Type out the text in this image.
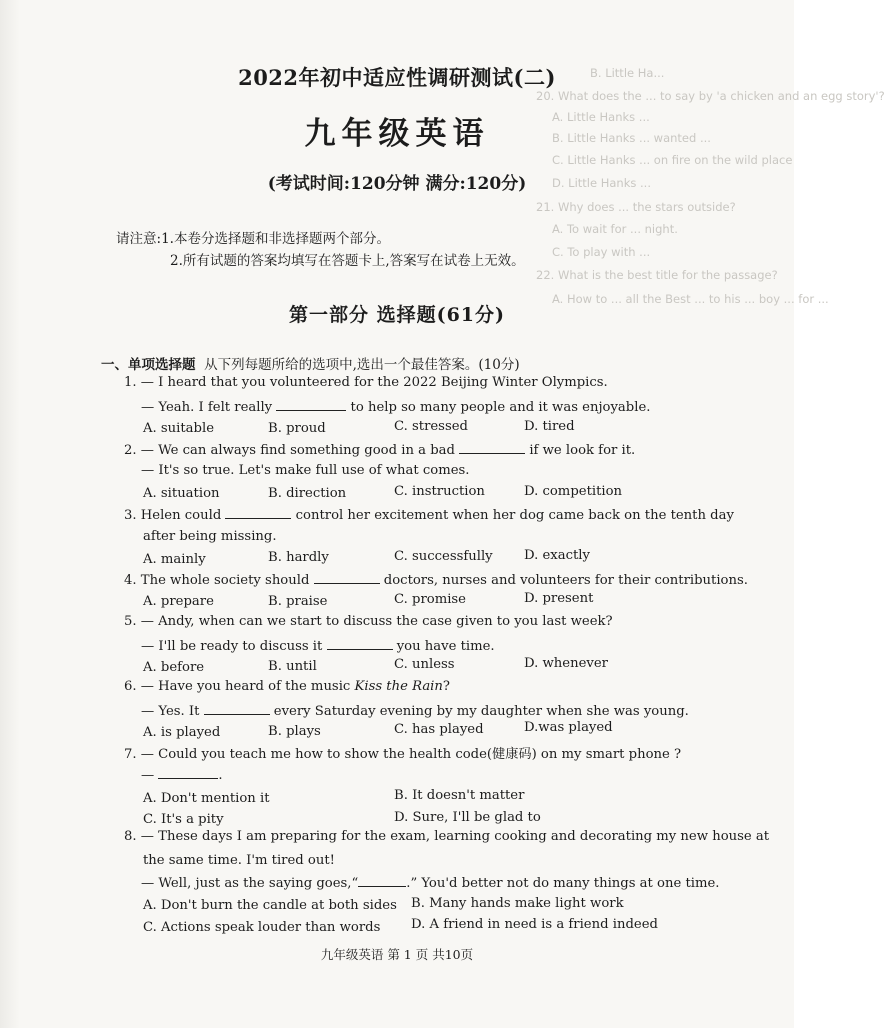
B. Little Ha...
20. What does the ... to say by 'a chicken and an egg story'?
A. Little Hanks ...
B. Little Hanks ... wanted ...
C. Little Hanks ... on fire on the wild place
D. Little Hanks ...
21. Why does ... the stars outside?
A. To wait for ... night.
C. To play with ...
22. What is the best title for the passage?
A. How to ... all the Best ... to his ... boy ... for ...
2022年初中适应性调研测试(二)
九年级英语
(考试时间:120分钟 满分:120分)
请注意:1.本卷分选择题和非选择题两个部分。
2.所有试题的答案均填写在答题卡上,答案写在试卷上无效。
第一部分 选择题(61分)
一、单项选择题 从下列每题所给的选项中,选出一个最佳答案。(10分)
1. — I heard that you volunteered for the 2022 Beijing Winter Olympics.
— Yeah. I felt really	to help so many people and it was enjoyable.
A. suitable	B. proud	C. stressed	D. tired
2. — We can always find something good in a bad	if we look for it.
— It's so true. Let's make full use of what comes.
A. situation	B. direction	C. instruction	D. competition
3. Helen could	control her excitement when her dog came back on the tenth day
after being missing.
A. mainly	B. hardly	C. successfully D. exactly
4. The whole society should	doctors, nurses and volunteers for their contributions.
A. prepare	B. praise	C. promise	D. present
5. — Andy, when can we start to discuss the case given to you last week?
— I'll be ready to discuss it	you have time.
A. before	B. until	C. unless	D. whenever
6. — Have you heard of the music Kiss the Rain?
— Yes. It	every Saturday evening by my daughter when she was young.
A. is played	B. plays	C. has played	D.was played
7. — Could you teach me how to show the health code(健康码) on my smart phone ?
—	.
A. Don't mention it	B. It doesn't matter
C. It's a pity	D. Sure, I'll be glad to
8. — These days I am preparing for the exam, learning cooking and decorating my new house at
the same time. I'm tired out!
— Well, just as the saying goes,“	.” You'd better not do many things at one time.
A. Don't burn the candle at both sides B. Many hands make light work
C. Actions speak louder than words D. A friend in need is a friend indeed
九年级英语 第 1 页 共10页
